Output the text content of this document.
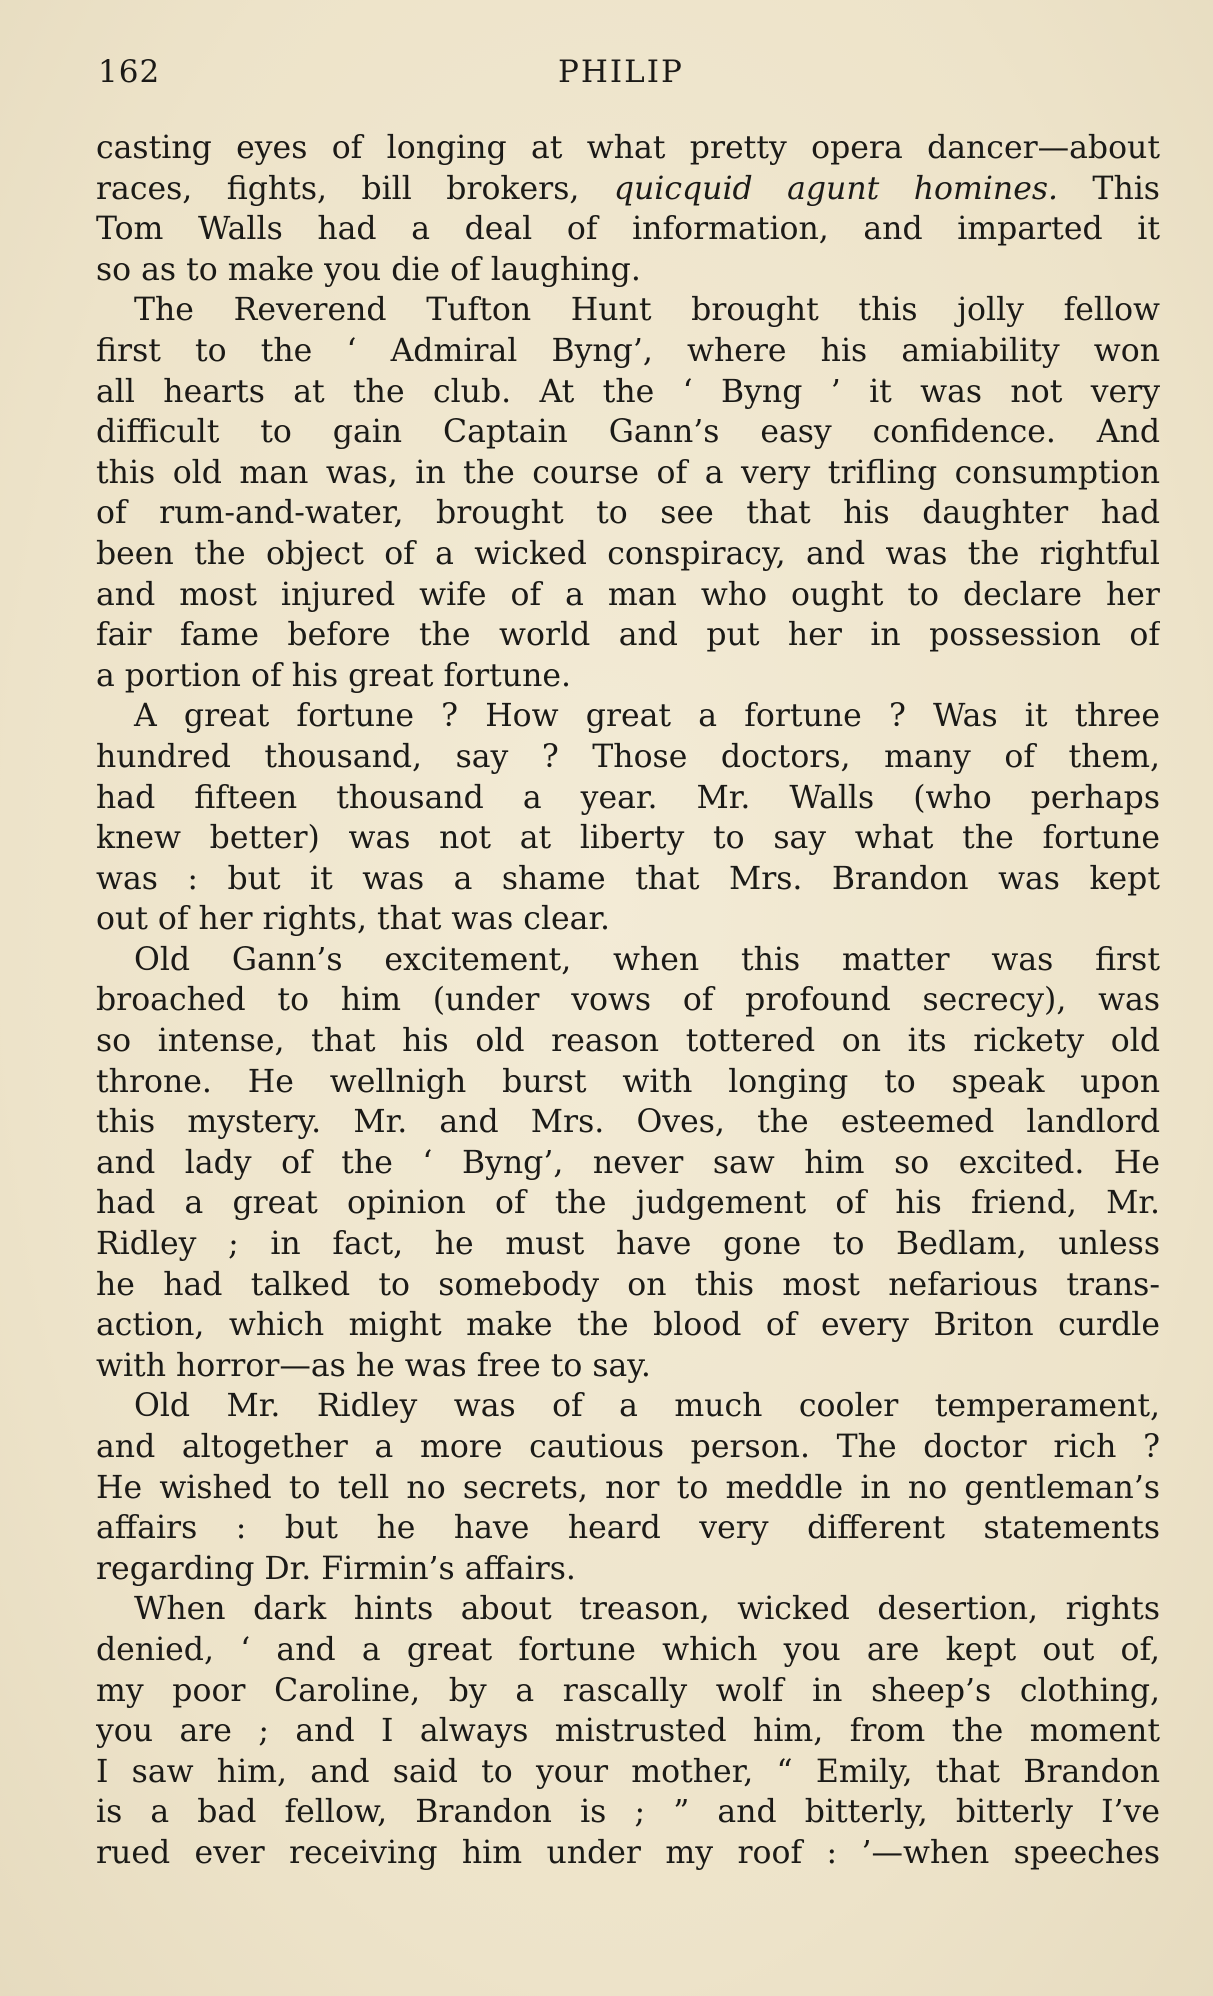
162	PHILIP
casting eyes of longing at what pretty opera dancer—about
races, fights, bill brokers, quicquid agunt homines. This
Tom Walls had a deal of information, and imparted it
so as to make you die of laughing.
The Reverend Tufton Hunt brought this jolly fellow
first to the ‘ Admiral Byng’, where his amiability won
all hearts at the club. At the ‘ Byng ’ it was not very
difficult to gain Captain Gann’s easy confidence. And
this old man was, in the course of a very trifling consumption
of rum-and-water, brought to see that his daughter had
been the object of a wicked conspiracy, and was the rightful
and most injured wife of a man who ought to declare her
fair fame before the world and put her in possession of
a portion of his great fortune.
A great fortune ? How great a fortune ? Was it three
hundred thousand, say ? Those doctors, many of them,
had fifteen thousand a year. Mr. Walls (who perhaps
knew better) was not at liberty to say what the fortune
was : but it was a shame that Mrs. Brandon was kept
out of her rights, that was clear.
Old Gann’s excitement, when this matter was first
broached to him (under vows of profound secrecy), was
so intense, that his old reason tottered on its rickety old
throne. He wellnigh burst with longing to speak upon
this mystery. Mr. and Mrs. Oves, the esteemed landlord
and lady of the ‘ Byng’, never saw him so excited. He
had a great opinion of the judgement of his friend, Mr.
Ridley ; in fact, he must have gone to Bedlam, unless
he had talked to somebody on this most nefarious trans-
action, which might make the blood of every Briton curdle
with horror—as he was free to say.
Old Mr. Ridley was of a much cooler temperament,
and altogether a more cautious person. The doctor rich ?
He wished to tell no secrets, nor to meddle in no gentleman’s
affairs : but he have heard very different statements
regarding Dr. Firmin’s affairs.
When dark hints about treason, wicked desertion, rights
denied, ‘ and a great fortune which you are kept out of,
my poor Caroline, by a rascally wolf in sheep’s clothing,
you are ; and I always mistrusted him, from the moment
I saw him, and said to your mother, “ Emily, that Brandon
is a bad fellow, Brandon is ; ” and bitterly, bitterly I’ve
rued ever receiving him under my roof : ’—when speeches
